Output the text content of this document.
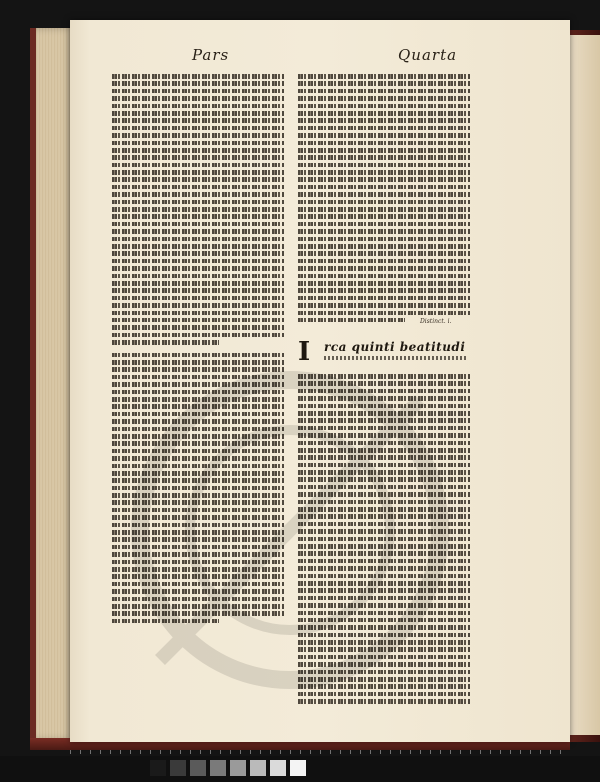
Pars	Quarta
I	rca quinti beatitudi
Distinct. i.
